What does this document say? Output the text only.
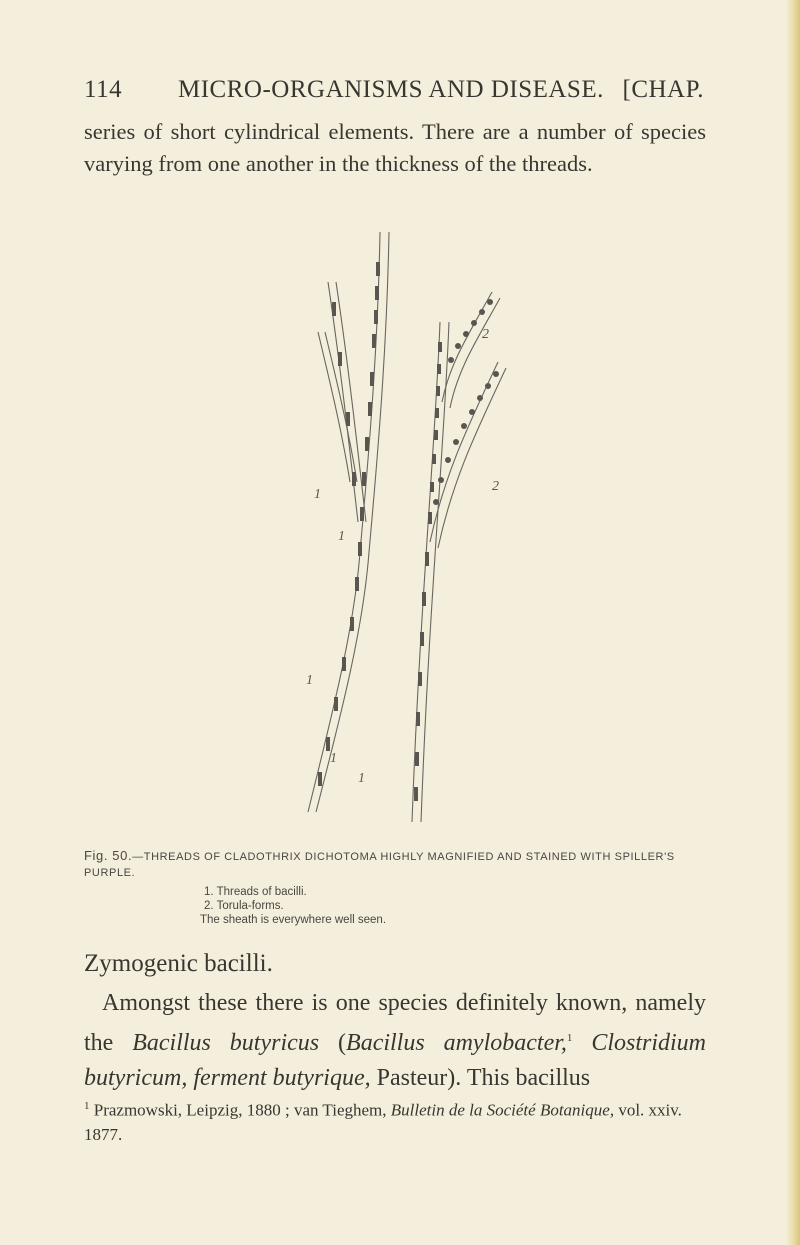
114 MICRO-ORGANISMS AND DISEASE. [CHAP.
series of short cylindrical elements. There are a number of species varying from one another in the thickness of the threads.
1
1
1
2
2
1
1
Fig. 50.—THREADS OF CLADOTHRIX DICHOTOMA HIGHLY MAGNIFIED AND STAINED WITH SPILLER'S PURPLE.
1. Threads of bacilli.
2. Torula-forms.
The sheath is everywhere well seen.
Zymogenic bacilli.
Amongst these there is one species definitely known, namely the Bacillus butyricus (Bacillus amylobacter,$^1$ Clostridium butyricum, ferment butyrique, Pasteur). This bacillus
$^1$ Prazmowski, Leipzig, 1880 ; van Tieghem, Bulletin de la Société Botanique, vol. xxiv. 1877.
